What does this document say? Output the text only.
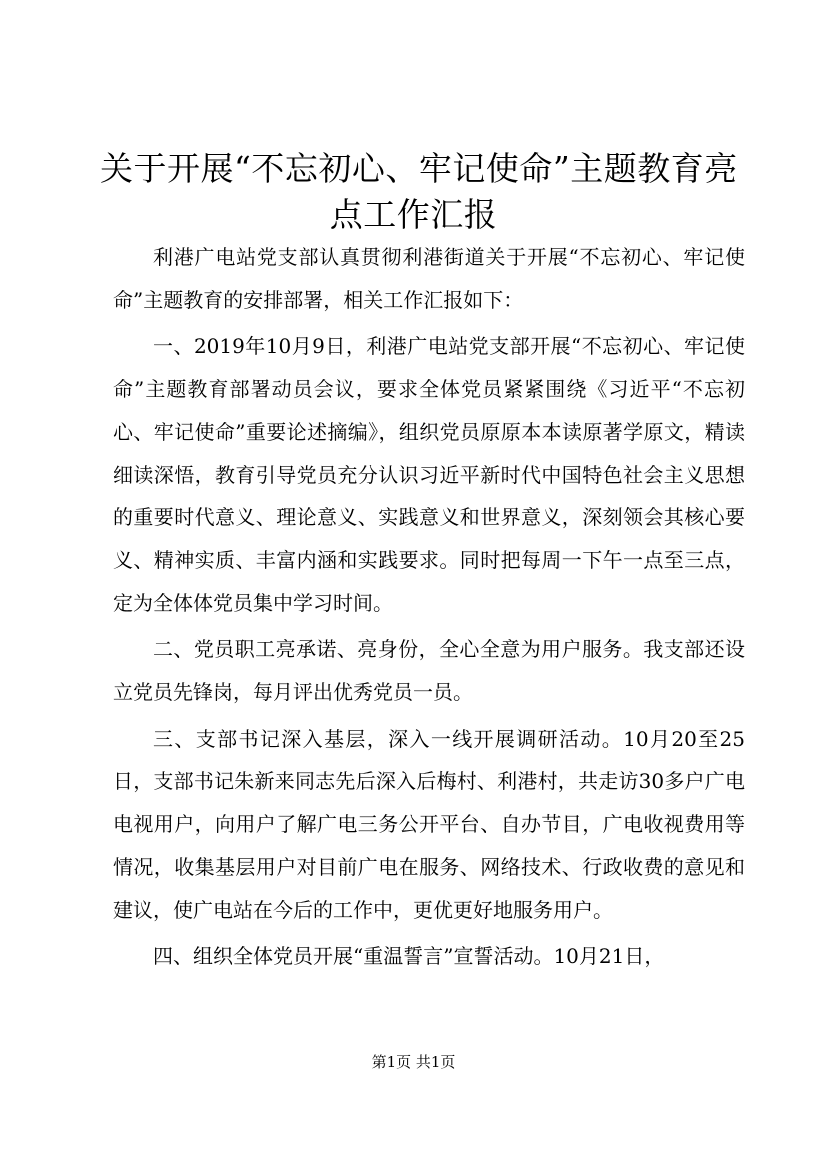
关于开展“不忘初心、牢记使命”主题教育亮
点工作汇报

利港广电站党支部认真贯彻利港街道关于开展“不忘初心、牢记使命”主题教育的安排部署，相关工作汇报如下：

一、2019年10月9日，利港广电站党支部开展“不忘初心、牢记使命”主题教育部署动员会议，要求全体党员紧紧围绕《习近平“不忘初心、牢记使命”重要论述摘编》，组织党员原原本本读原著学原文，精读细读深悟，教育引导党员充分认识习近平新时代中国特色社会主义思想的重要时代意义、理论意义、实践意义和世界意义，深刻领会其核心要义、精神实质、丰富内涵和实践要求。同时把每周一下午一点至三点，定为全体体党员集中学习时间。

二、党员职工亮承诺、亮身份，全心全意为用户服务。我支部还设立党员先锋岗，每月评出优秀党员一员。

三、支部书记深入基层，深入一线开展调研活动。10月20至25日，支部书记朱新来同志先后深入后梅村、利港村，共走访30多户广电电视用户，向用户了解广电三务公开平台、自办节目，广电收视费用等情况，收集基层用户对目前广电在服务、网络技术、行政收费的意见和建议，使广电站在今后的工作中，更优更好地服务用户。

四、组织全体党员开展“重温誓言”宣誓活动。10月21日，

第1页 共1页
